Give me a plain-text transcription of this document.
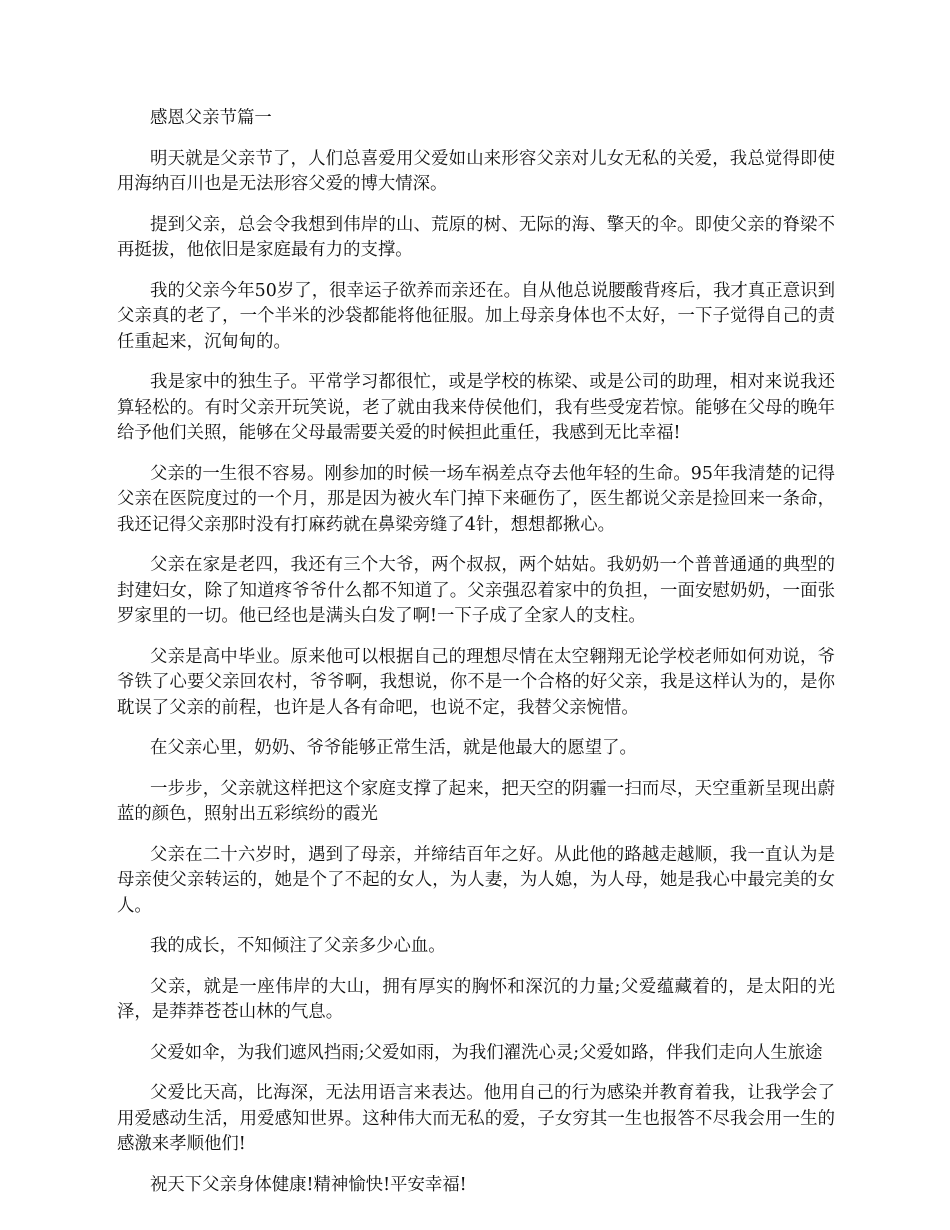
感恩父亲节篇一

明天就是父亲节了，人们总喜爱用父爱如山来形容父亲对儿女无私的关爱，我总觉得即使用海纳百川也是无法形容父爱的博大情深。

提到父亲，总会令我想到伟岸的山、荒原的树、无际的海、擎天的伞。即使父亲的脊梁不再挺拔，他依旧是家庭最有力的支撑。

我的父亲今年50岁了，很幸运子欲养而亲还在。自从他总说腰酸背疼后，我才真正意识到父亲真的老了，一个半米的沙袋都能将他征服。加上母亲身体也不太好，一下子觉得自己的责任重起来，沉甸甸的。

我是家中的独生子。平常学习都很忙，或是学校的栋梁、或是公司的助理，相对来说我还算轻松的。有时父亲开玩笑说，老了就由我来侍侯他们，我有些受宠若惊。能够在父母的晚年给予他们关照，能够在父母最需要关爱的时候担此重任，我感到无比幸福!

父亲的一生很不容易。刚参加的时候一场车祸差点夺去他年轻的生命。95年我清楚的记得父亲在医院度过的一个月，那是因为被火车门掉下来砸伤了，医生都说父亲是捡回来一条命，我还记得父亲那时没有打麻药就在鼻梁旁缝了4针，想想都揪心。

父亲在家是老四，我还有三个大爷，两个叔叔，两个姑姑。我奶奶一个普普通通的典型的封建妇女，除了知道疼爷爷什么都不知道了。父亲强忍着家中的负担，一面安慰奶奶，一面张罗家里的一切。他已经也是满头白发了啊!一下子成了全家人的支柱。

父亲是高中毕业。原来他可以根据自己的理想尽情在太空翱翔无论学校老师如何劝说，爷爷铁了心要父亲回农村，爷爷啊，我想说，你不是一个合格的好父亲，我是这样认为的，是你耽误了父亲的前程，也许是人各有命吧，也说不定，我替父亲惋惜。

在父亲心里，奶奶、爷爷能够正常生活，就是他最大的愿望了。

一步步，父亲就这样把这个家庭支撑了起来，把天空的阴霾一扫而尽，天空重新呈现出蔚蓝的颜色，照射出五彩缤纷的霞光

父亲在二十六岁时，遇到了母亲，并缔结百年之好。从此他的路越走越顺，我一直认为是母亲使父亲转运的，她是个了不起的女人，为人妻，为人媳，为人母，她是我心中最完美的女人。

我的成长，不知倾注了父亲多少心血。

父亲，就是一座伟岸的大山，拥有厚实的胸怀和深沉的力量;父爱蕴藏着的，是太阳的光泽，是莽莽苍苍山林的气息。

父爱如伞，为我们遮风挡雨;父爱如雨，为我们濯洗心灵;父爱如路，伴我们走向人生旅途

父爱比天高，比海深，无法用语言来表达。他用自己的行为感染并教育着我，让我学会了用爱感动生活，用爱感知世界。这种伟大而无私的爱，子女穷其一生也报答不尽我会用一生的感激来孝顺他们!

祝天下父亲身体健康!精神愉快!平安幸福!
